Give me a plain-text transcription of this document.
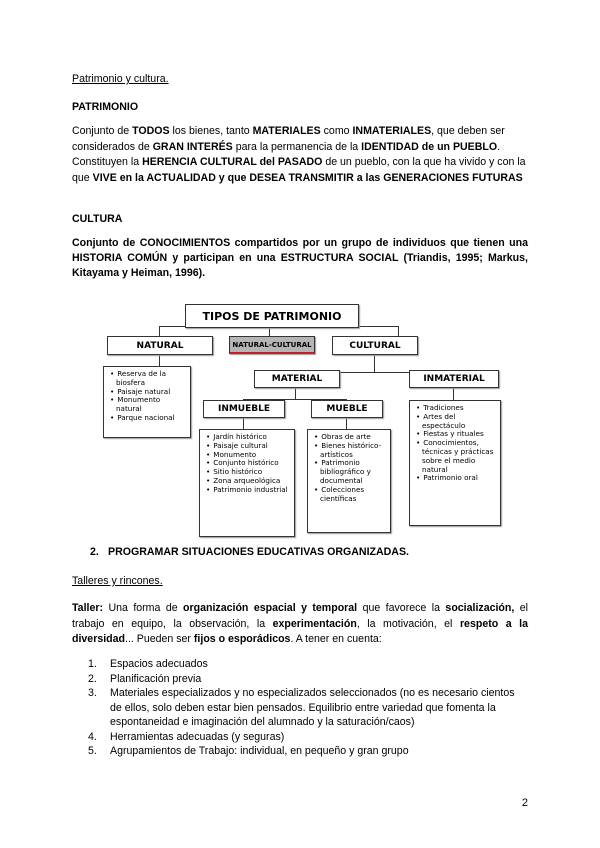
Patrimonio y cultura.
PATRIMONIO
Conjunto de TODOS los bienes, tanto MATERIALES como INMATERIALES, que deben ser considerados de GRAN INTERÉS para la permanencia de la IDENTIDAD de un PUEBLO. Constituyen la HERENCIA CULTURAL del PASADO de un pueblo, con la que ha vivido y con la que VIVE en la ACTUALIDAD y que DESEA TRANSMITIR a las GENERACIONES FUTURAS
CULTURA
Conjunto de CONOCIMIENTOS compartidos por un grupo de individuos que tienen una HISTORIA COMÚN y participan en una ESTRUCTURA SOCIAL (Triandis, 1995; Markus, Kitayama y Heiman, 1996).
TIPOS DE PATRIMONIO
NATURAL	NATURAL-CULTURAL	CULTURAL
MATERIAL	INMATERIAL
INMUEBLE	MUEBLE
• Reserva de la biosfera
• Paisaje natural
• Monumento natural
• Parque nacional
• Tradiciones
• Artes del espectáculo
• Fiestas y rituales
• Conocimientos, técnicas y prácticas sobre el medio natural
• Patrimonio oral
• Jardín histórico
• Paisaje cultural
• Monumento
• Conjunto histórico
• Sitio histórico
• Zona arqueológica
• Patrimonio industrial
• Obras de arte
• Bienes histórico-artísticos
• Patrimonio bibliográfico y documental
• Colecciones científicas
2. PROGRAMAR SITUACIONES EDUCATIVAS ORGANIZADAS.
Talleres y rincones.
Taller: Una forma de organización espacial y temporal que favorece la socialización, el trabajo en equipo, la observación, la experimentación, la motivación, el respeto a la diversidad... Pueden ser fijos o esporádicos. A tener en cuenta:
1.	Espacios adecuados
2.	Planificación previa
3.	Materiales especializados y no especializados seleccionados (no es necesario cientos de ellos, solo deben estar bien pensados. Equilibrio entre variedad que fomenta la espontaneidad e imaginación del alumnado y la saturación/caos)
4.	Herramientas adecuadas (y seguras)
5.	Agrupamientos de Trabajo: individual, en pequeño y gran grupo
2
